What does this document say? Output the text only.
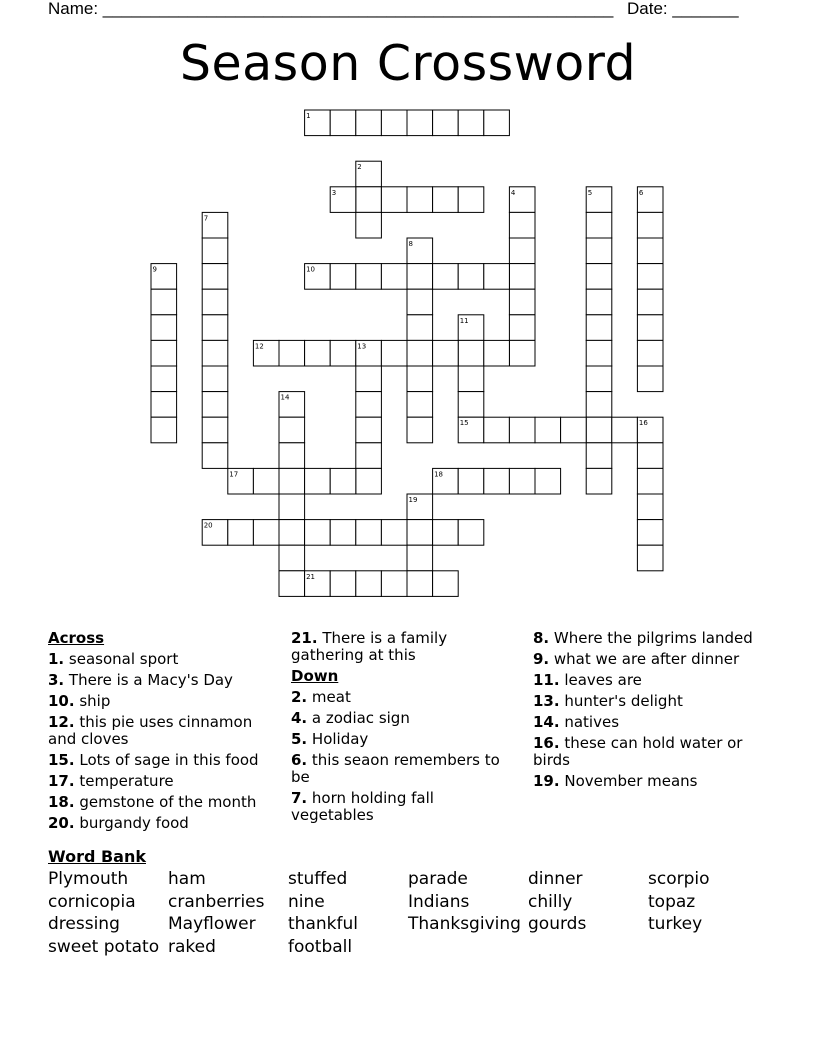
Name: ______________________________________________________ Date: _______
Season Crossword
1
2
3	4	5	6
7
8
9	10
11
12	13
14
15	16
17	18
19
20
21
Across
1. seasonal sport
3. There is a Macy's Day
10. ship
12. this pie uses cinnamon and cloves
15. Lots of sage in this food
17. temperature
18. gemstone of the month
20. burgandy food
21. There is a family gathering at this
Down
2. meat
4. a zodiac sign
5. Holiday
6. this seaon remembers to be
7. horn holding fall vegetables
8. Where the pilgrims landed
9. what we are after dinner
11. leaves are
13. hunter's delight
14. natives
16. these can hold water or birds
19. November means
Word Bank
Plymouth
cornicopia
dressing
sweet potato
ham
cranberries
Mayflower
raked
stuffed
nine
thankful
football
parade
Indians
Thanksgiving
dinner
chilly
gourds
scorpio
topaz
turkey
